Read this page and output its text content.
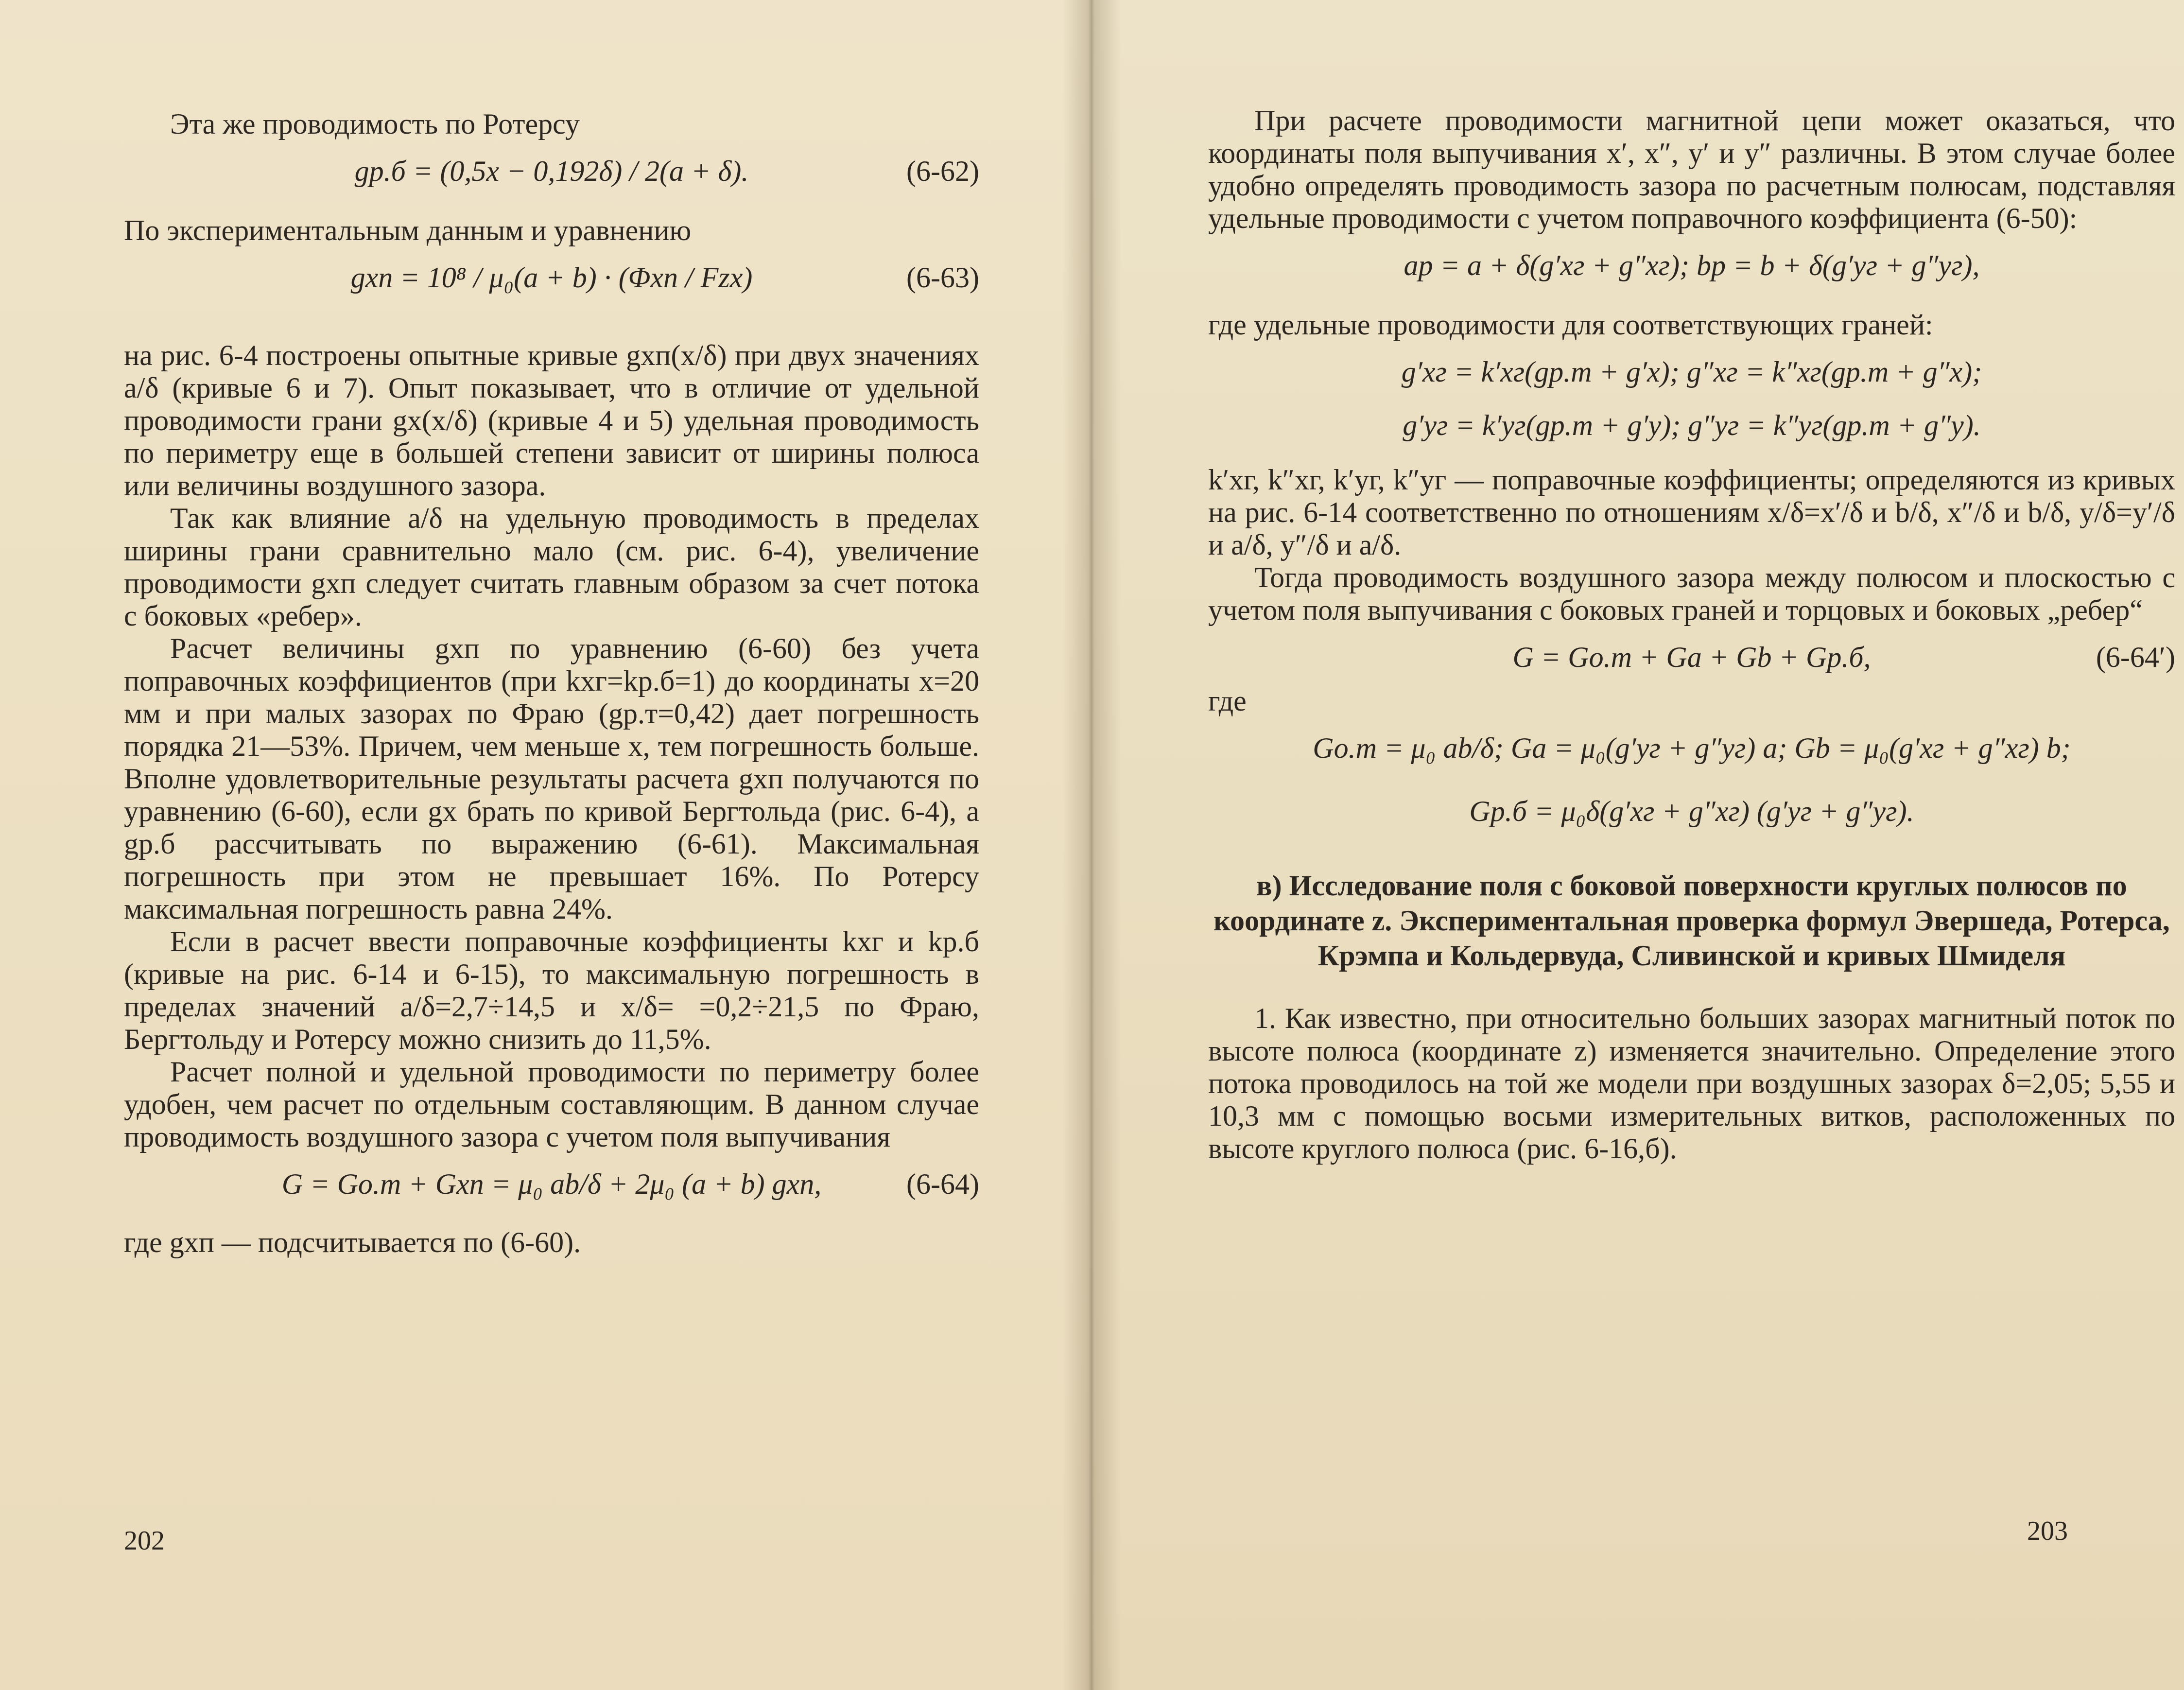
Эта же проводимость по Ротерсу

gр.б = (0,5x − 0,192δ) / 2(a + δ).	(6-62)

По экспериментальным данным и уравнению

gхп = 10⁸ / μ₀(a + b) · (Φхп / Fzx)	(6-63)

на рис. 6-4 построены опытные кривые gхп(x/δ) при двух значениях a/δ (кривые 6 и 7). Опыт показывает, что в отличие от удельной проводимости грани gx(x/δ) (кривые 4 и 5) удельная проводимость по периметру еще в большей степени зависит от ширины полюса или величины воздушного зазора.

Так как влияние a/δ на удельную проводимость в пределах ширины грани сравнительно мало (см. рис. 6-4), увеличение проводимости gхп следует считать главным образом за счет потока с боковых «ребер».

Расчет величины gхп по уравнению (6-60) без учета поправочных коэффициентов (при kхг=kр.б=1) до координаты x=20 мм и при малых зазорах по Фраю (gр.т=0,42) дает погрешность порядка 21—53%. Причем, чем меньше x, тем погрешность больше. Вполне удовлетворительные результаты расчета gхп получаются по уравнению (6-60), если gx брать по кривой Бергтольда (рис. 6-4), а gр.б рассчитывать по выражению (6-61). Максимальная погрешность при этом не превышает 16%. По Ротерсу максимальная погрешность равна 24%.

Если в расчет ввести поправочные коэффициенты kхг и kр.б (кривые на рис. 6-14 и 6-15), то максимальную погрешность в пределах значений a/δ=2,7÷14,5 и x/δ= =0,2÷21,5 по Фраю, Бергтольду и Ротерсу можно снизить до 11,5%.

Расчет полной и удельной проводимости по периметру более удобен, чем расчет по отдельным составляющим. В данном случае проводимость воздушного зазора с учетом поля выпучивания

G = Gо.т + Gхп = μ₀ ab/δ + 2μ₀ (a + b) gхп,	(6-64)

где gхп — подсчитывается по (6-60).

202

При расчете проводимости магнитной цепи может оказаться, что координаты поля выпучивания x′, x″, y′ и y″ различны. В этом случае более удобно определять проводимость зазора по расчетным полюсам, подставляя удельные проводимости с учетом поправочного коэффициента (6-50):

aр = a + δ(g′xг + g″xг); bр = b + δ(g′yг + g″yг),

где удельные проводимости для соответствующих граней:

g′xг = k′xг(gр.т + g′x); g″xг = k″xг(gр.т + g″x);
g′yг = k′yг(gр.т + g′y); g″yг = k″yг(gр.т + g″y).

k′xг, k″xг, k′yг, k″yг — поправочные коэффициенты; определяются из кривых на рис. 6-14 соответственно по отношениям x/δ=x′/δ и b/δ, x″/δ и b/δ, y/δ=y′/δ и a/δ, y″/δ и a/δ.

Тогда проводимость воздушного зазора между полюсом и плоскостью с учетом поля выпучивания с боковых граней и торцовых и боковых „ребер“

G = Gо.т + Ga + Gb + Gр.б,	(6-64′)

где

Gо.т = μ₀ ab/δ; Ga = μ₀(g′yг + g″yг) a; Gb = μ₀(g′xг + g″xг) b;
Gр.б = μ₀δ(g′xг + g″xг) (g′yг + g″yг).
в) Исследование поля с боковой поверхности круглых полюсов по координате z. Экспериментальная проверка формул Эвершеда, Ротерса, Крэмпа и Кольдервуда, Сливинской и кривых Шмиделя

1. Как известно, при относительно больших зазорах магнитный поток по высоте полюса (координате z) изменяется значительно. Определение этого потока проводилось на той же модели при воздушных зазорах δ=2,05; 5,55 и 10,3 мм с помощью восьми измерительных витков, расположенных по высоте круглого полюса (рис. 6-16,б).

203
